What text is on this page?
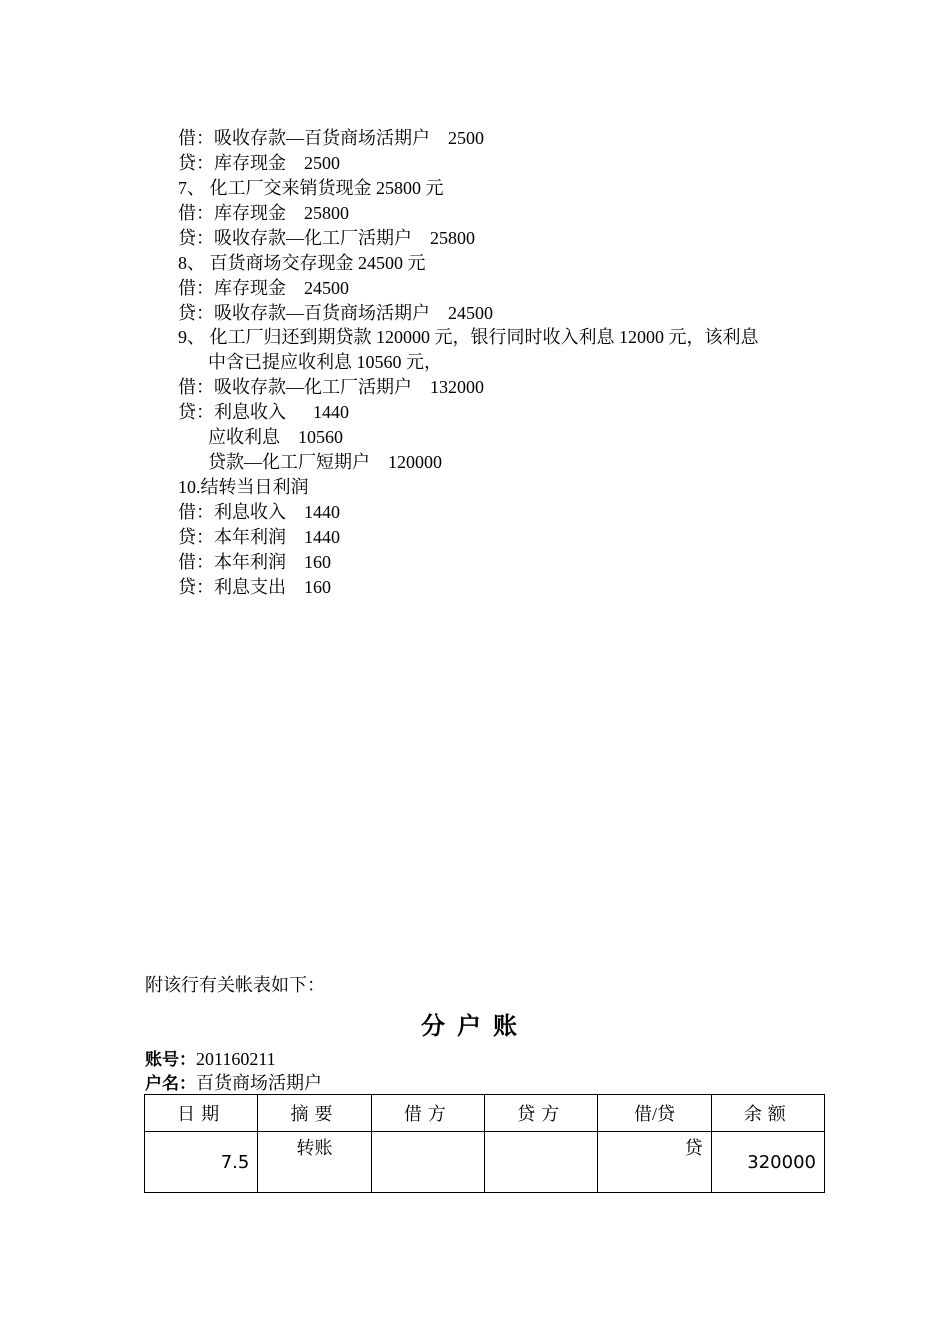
借：吸收存款—百货商场活期户    2500
贷：库存现金    2500
7、 化工厂交来销货现金 25800 元
借：库存现金    25800
贷：吸收存款—化工厂活期户    25800
8、 百货商场交存现金 24500 元
借：库存现金    24500
贷：吸收存款—百货商场活期户    24500
9、 化工厂归还到期贷款 120000 元，银行同时收入利息 12000 元，该利息
中含已提应收利息 10560 元，
借：吸收存款—化工厂活期户    132000
贷：利息收入      1440
应收利息    10560
贷款—化工厂短期户    120000
10.结转当日利润
借：利息收入    1440
贷：本年利润    1440
借：本年利润    160
贷：利息支出    160
附该行有关帐表如下：
分户账
账号：201160211
户名：百货商场活期户
日期	摘要	借方	贷方	借/贷	余额
7.5	转账			贷	320000
